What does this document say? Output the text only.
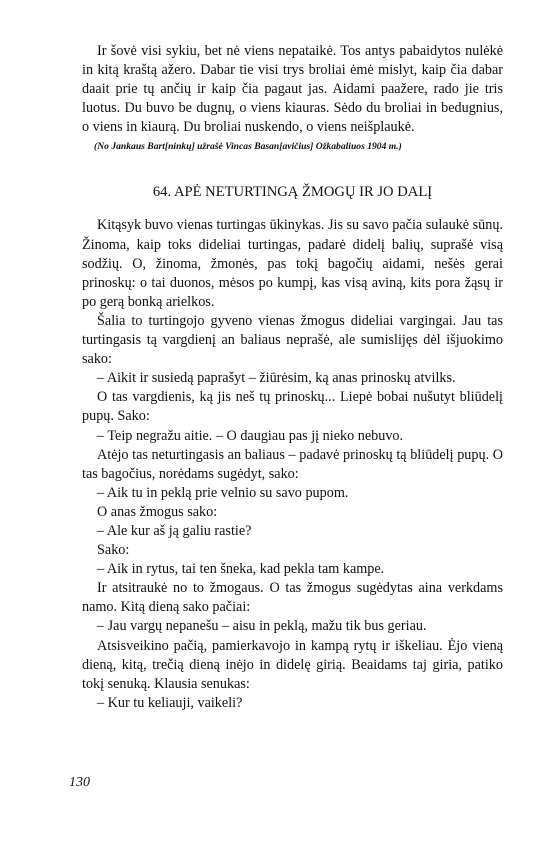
Ir šovė visi sykiu, bet nė viens nepataikė. Tos antys pabaidytos nulėkė in kitą kraštą ažero. Dabar tie visi trys broliai ėmė mislyt, kaip čia dabar daait prie tų ančių ir kaip čia pagaut jas. Aidami paažere, rado jie tris luotus. Du buvo be dugnų, o viens kiauras. Sėdo du broliai in bedugnius, o viens in kiaurą. Du broliai nuskendo, o viens neišplaukė.

(No Jankaus Bart[ninkų] užrašė Vincas Basan[avičius] Ožkabaliuos 1904 m.)
64. APĖ NETURTINGĄ ŽMOGŲ IR JO DALĮ

Kitąsyk buvo vienas turtingas ūkinykas. Jis su savo pačia sulaukė sūnų. Žinoma, kaip toks dideliai turtingas, padarė didelį balių, suprašė visą sodžių. O, žinoma, žmonės, pas tokį bagočių aidami, nešės gerai prinoskų: o tai duonos, mėsos po kumpį, kas visą aviną, kits pora žąsų ir po gerą bonką arielkos.

Šalia to turtingojo gyveno vienas žmogus dideliai vargingai. Jau tas turtingasis tą vargdienį an baliaus neprašė, ale sumislijęs dėl išjuokimo sako:

– Aikit ir susiedą paprašyt – žiūrėsim, ką anas prinoskų atvilks.

O tas vargdienis, ką jis neš tų prinoskų... Liepė bobai nušutyt bliūdelį pupų. Sako:

– Teip negražu aitie. – O daugiau pas jį nieko nebuvo.

Atėjo tas neturtingasis an baliaus – padavė prinoskų tą bliūdelį pupų. O tas bagočius, norėdams sugėdyt, sako:

– Aik tu in peklą prie velnio su savo pupom.

O anas žmogus sako:

– Ale kur aš ją galiu rastie?

Sako:

– Aik in rytus, tai ten šneka, kad pekla tam kampe.

Ir atsitraukė no to žmogaus. O tas žmogus sugėdytas aina verkdams namo. Kitą dieną sako pačiai:

– Jau vargų nepanešu – aisu in peklą, mažu tik bus geriau.

Atsisveikino pačią, pamierkavojo in kampą rytų ir iškeliau. Ėjo vieną dieną, kitą, trečią dieną inėjo in didelę girią. Beaidams taj giria, patiko tokį senuką. Klausia senukas:

– Kur tu keliauji, vaikeli?

130
